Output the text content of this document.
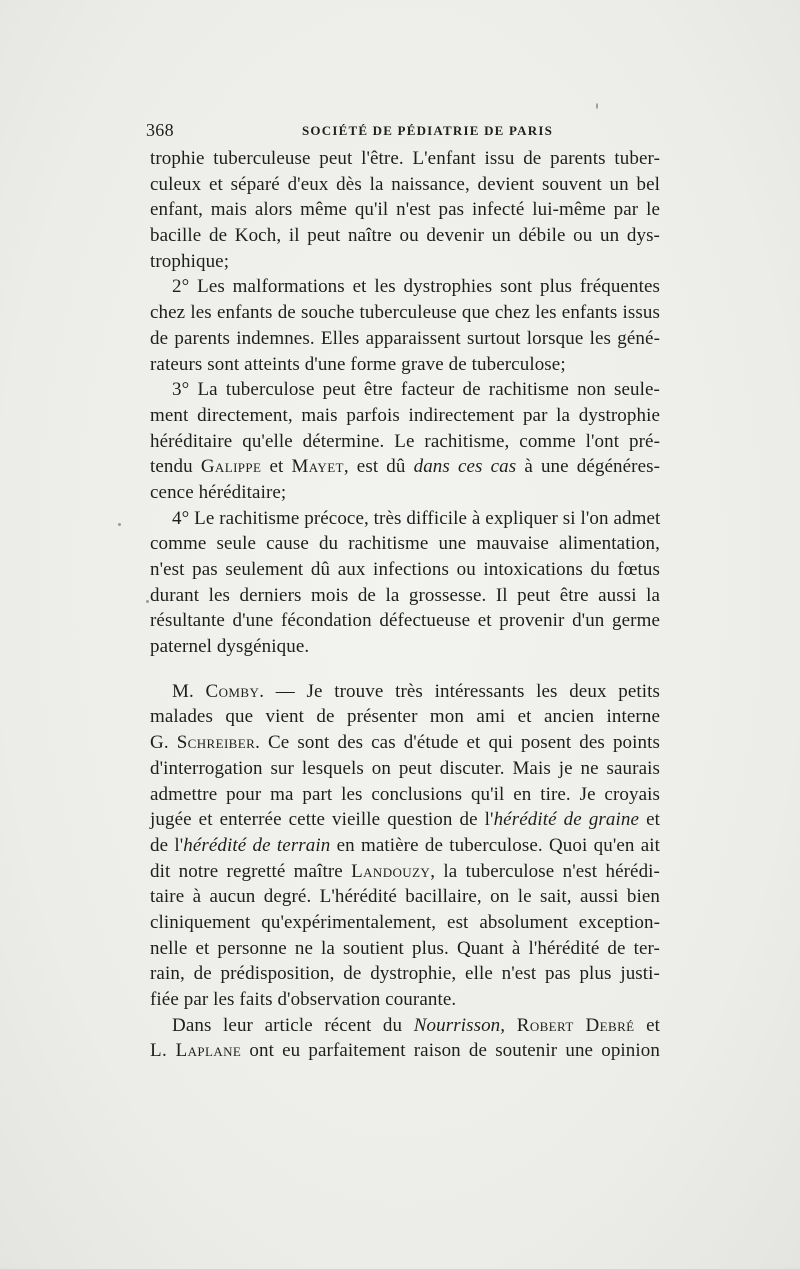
368	SOCIÉTÉ DE PÉDIATRIE DE PARIS
trophie tuberculeuse peut l'être. L'enfant issu de parents tuber-
culeux et séparé d'eux dès la naissance, devient souvent un bel
enfant, mais alors même qu'il n'est pas infecté lui-même par le
bacille de Koch, il peut naître ou devenir un débile ou un dys-
trophique;
2° Les malformations et les dystrophies sont plus fréquentes
chez les enfants de souche tuberculeuse que chez les enfants issus
de parents indemnes. Elles apparaissent surtout lorsque les géné-
rateurs sont atteints d'une forme grave de tuberculose;
3° La tuberculose peut être facteur de rachitisme non seule-
ment directement, mais parfois indirectement par la dystrophie
héréditaire qu'elle détermine. Le rachitisme, comme l'ont pré-
tendu Galippe et Mayet, est dû dans ces cas à une dégénéres-
cence héréditaire;
4° Le rachitisme précoce, très difficile à expliquer si l'on admet
comme seule cause du rachitisme une mauvaise alimentation,
n'est pas seulement dû aux infections ou intoxications du fœtus
durant les derniers mois de la grossesse. Il peut être aussi la
résultante d'une fécondation défectueuse et provenir d'un germe
paternel dysgénique.
M. Comby. — Je trouve très intéressants les deux petits
malades que vient de présenter mon ami et ancien interne
G. Schreiber. Ce sont des cas d'étude et qui posent des points
d'interrogation sur lesquels on peut discuter. Mais je ne saurais
admettre pour ma part les conclusions qu'il en tire. Je croyais
jugée et enterrée cette vieille question de l'hérédité de graine et
de l'hérédité de terrain en matière de tuberculose. Quoi qu'en ait
dit notre regretté maître Landouzy, la tuberculose n'est hérédi-
taire à aucun degré. L'hérédité bacillaire, on le sait, aussi bien
cliniquement qu'expérimentalement, est absolument exception-
nelle et personne ne la soutient plus. Quant à l'hérédité de ter-
rain, de prédisposition, de dystrophie, elle n'est pas plus justi-
fiée par les faits d'observation courante.
Dans leur article récent du Nourrisson, Robert Debré et
L. Laplane ont eu parfaitement raison de soutenir une opinion
